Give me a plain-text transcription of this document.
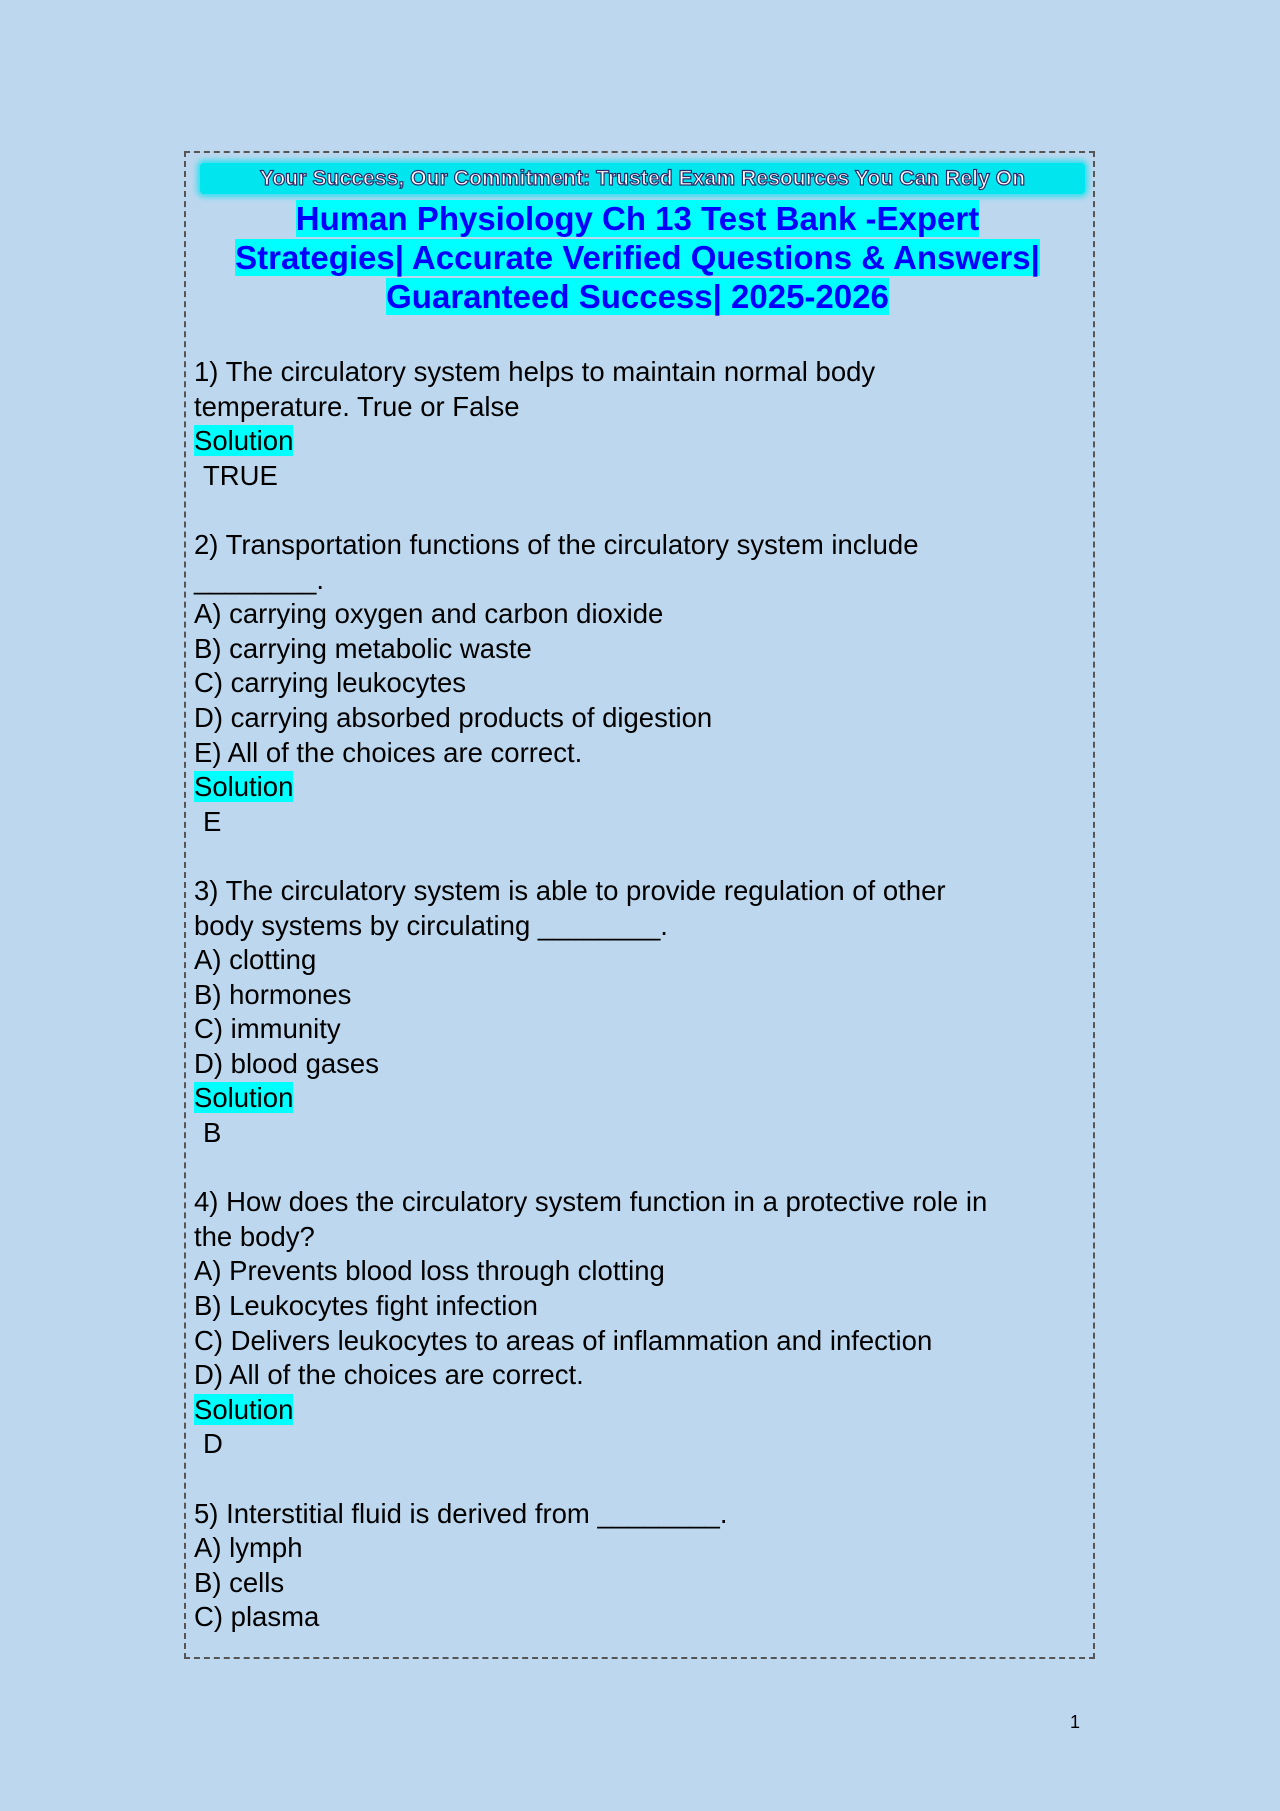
Your Success, Our Commitment: Trusted Exam Resources You Can Rely On
Human Physiology Ch 13 Test Bank -Expert
Strategies| Accurate Verified Questions & Answers|
Guaranteed Success| 2025-2026
1) The circulatory system helps to maintain normal body
temperature. True or False
Solution
TRUE
2) Transportation functions of the circulatory system include
________.
A) carrying oxygen and carbon dioxide
B) carrying metabolic waste
C) carrying leukocytes
D) carrying absorbed products of digestion
E) All of the choices are correct.
Solution
E
3) The circulatory system is able to provide regulation of other
body systems by circulating ________.
A) clotting
B) hormones
C) immunity
D) blood gases
Solution
B
4) How does the circulatory system function in a protective role in
the body?
A) Prevents blood loss through clotting
B) Leukocytes fight infection
C) Delivers leukocytes to areas of inflammation and infection
D) All of the choices are correct.
Solution
D
5) Interstitial fluid is derived from ________.
A) lymph
B) cells
C) plasma
1
